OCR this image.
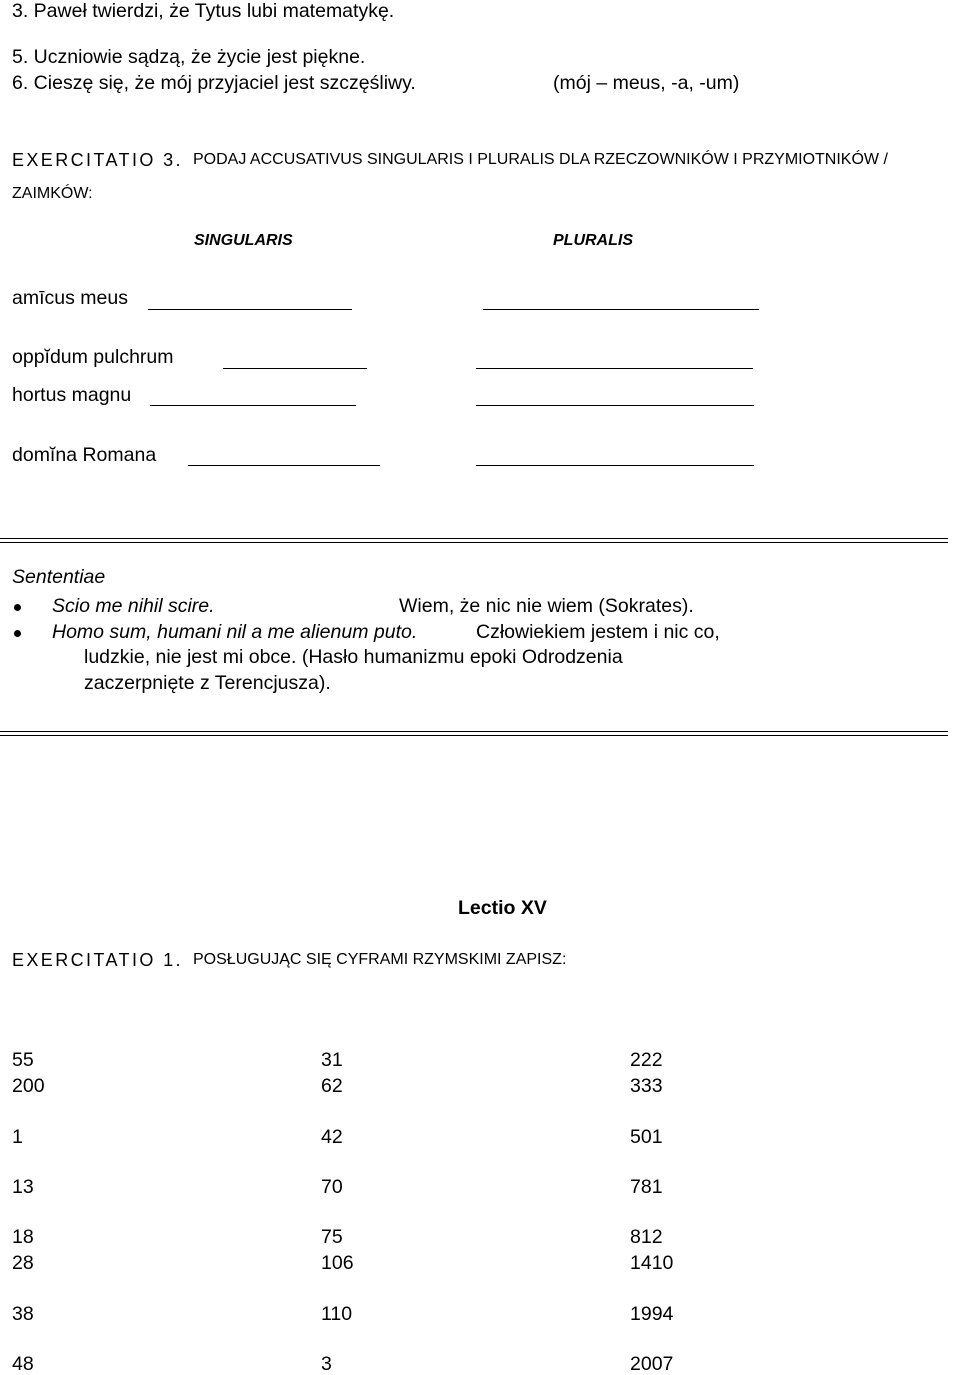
3. Paweł twierdzi, że Tytus lubi matematykę.
5. Uczniowie sądzą, że życie jest piękne.
6. Cieszę się, że mój przyjaciel jest szczęśliwy.	(mój – meus, -a, -um)
EXERCITATIO 3. PODAJ ACCUSATIVUS SINGULARIS I PLURALIS DLA RZECZOWNIKÓW I PRZYMIOTNIKÓW /
ZAIMKÓW:
SINGULARIS	PLURALIS
amīcus meus
oppĭdum pulchrum
hortus magnu
domĭna Romana
Sententiae
Scio me nihil scire.	Wiem, że nic nie wiem (Sokrates).
Homo sum, humani nil a me alienum puto.	Człowiekiem jestem i nic co,
ludzkie, nie jest mi obce. (Hasło humanizmu epoki Odrodzenia
zaczerpnięte z Terencjusza).
Lectio XV
EXERCITATIO 1. POSŁUGUJĄC SIĘ CYFRAMI RZYMSKIMI ZAPISZ:
55	31	222
200	62	333
1	42	501
13	70	781
18	75	812
28	106	1410
38	110	1994
48	3	2007
